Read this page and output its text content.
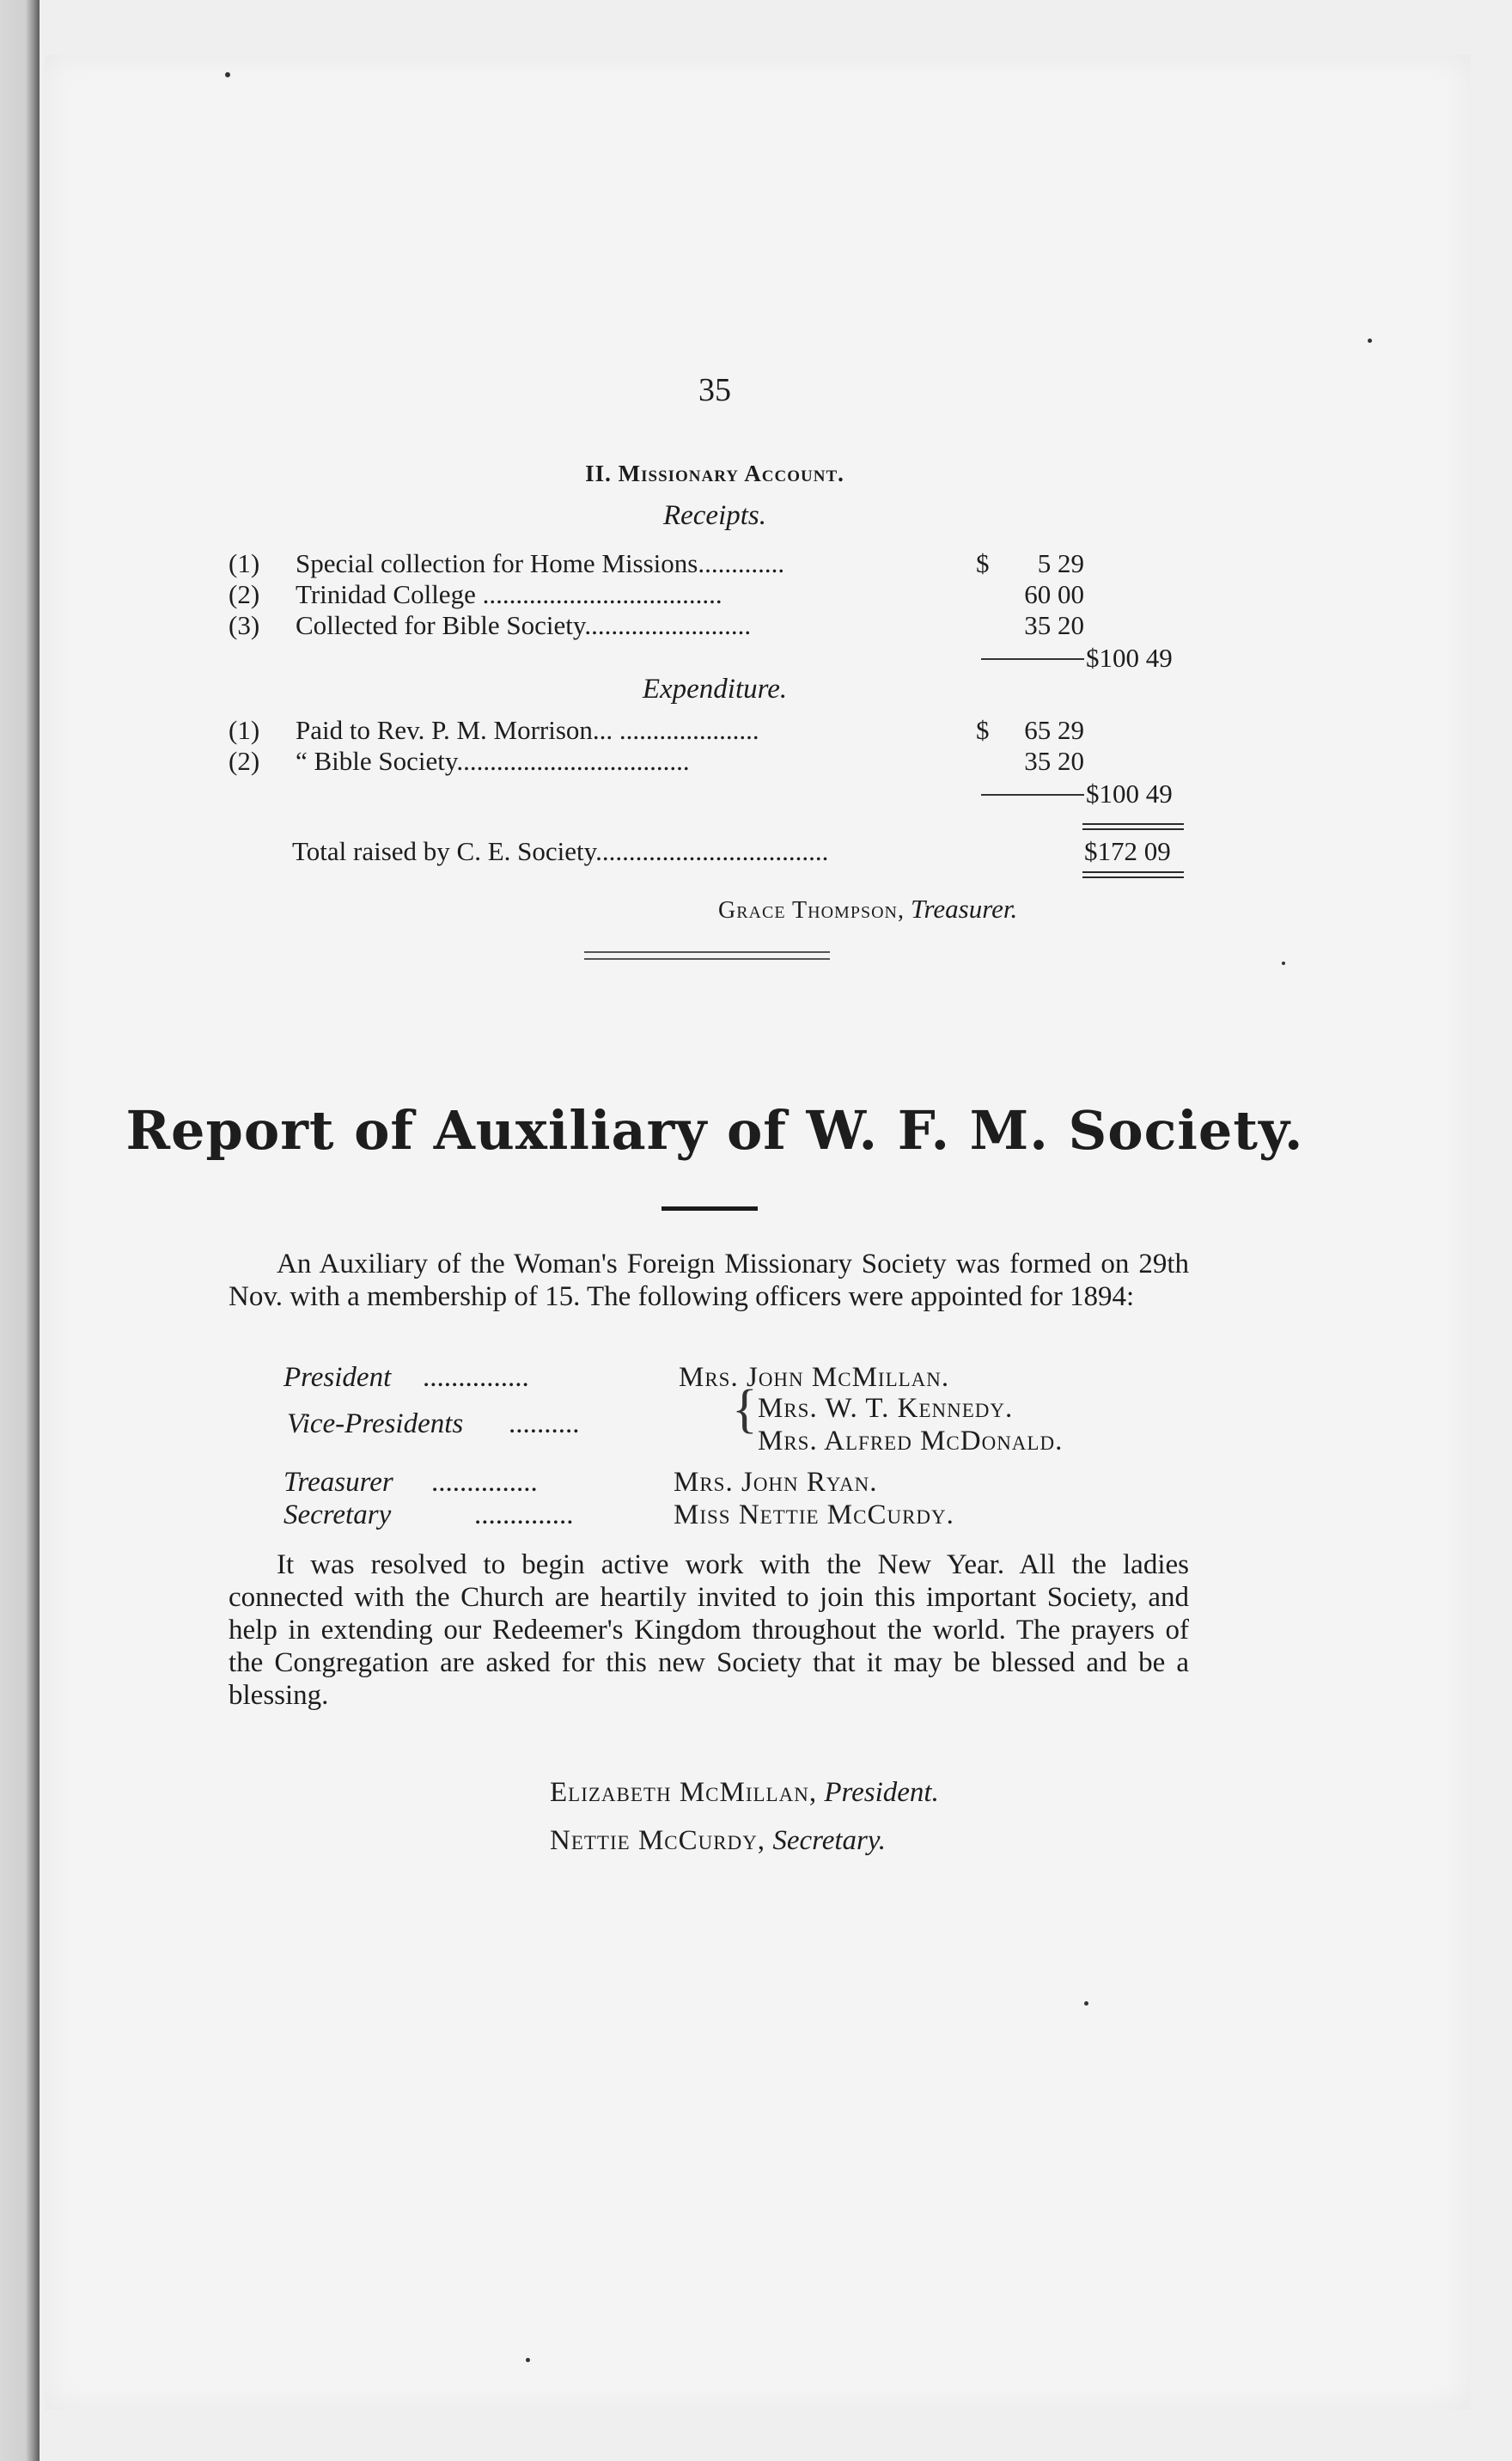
35
II. Missionary Account.
Receipts.
(1) Special collection for Home Missions.............	$	5 29
(2) Trinidad College ....................................	60 00
(3) Collected for Bible Society.........................	35 20
$100 49
Expenditure.
(1) Paid to Rev. P. M. Morrison... .....................	$	65 29
(2) “ Bible Society...................................	35 20
$100 49
Total raised by C. E. Society...................................	$172 09
Grace Thompson, Treasurer.
Report of Auxiliary of W. F. M. Society.
An Auxiliary of the Woman's Foreign Missionary Society was formed on 29th Nov. with a membership of 15. The following officers were appointed for 1894:
President ...............	Mrs. John McMillan.
Vice-Presidents ..........	{ Mrs. W. T. Kennedy.
Mrs. Alfred McDonald.
Treasurer ...............	Mrs. John Ryan.
Secretary	..............	Miss Nettie McCurdy.
It was resolved to begin active work with the New Year. All the ladies connected with the Church are heartily invited to join this important Society, and help in extending our Redeemer's Kingdom throughout the world. The prayers of the Congregation are asked for this new Society that it may be blessed and be a blessing.
Elizabeth McMillan, President.
Nettie McCurdy, Secretary.
